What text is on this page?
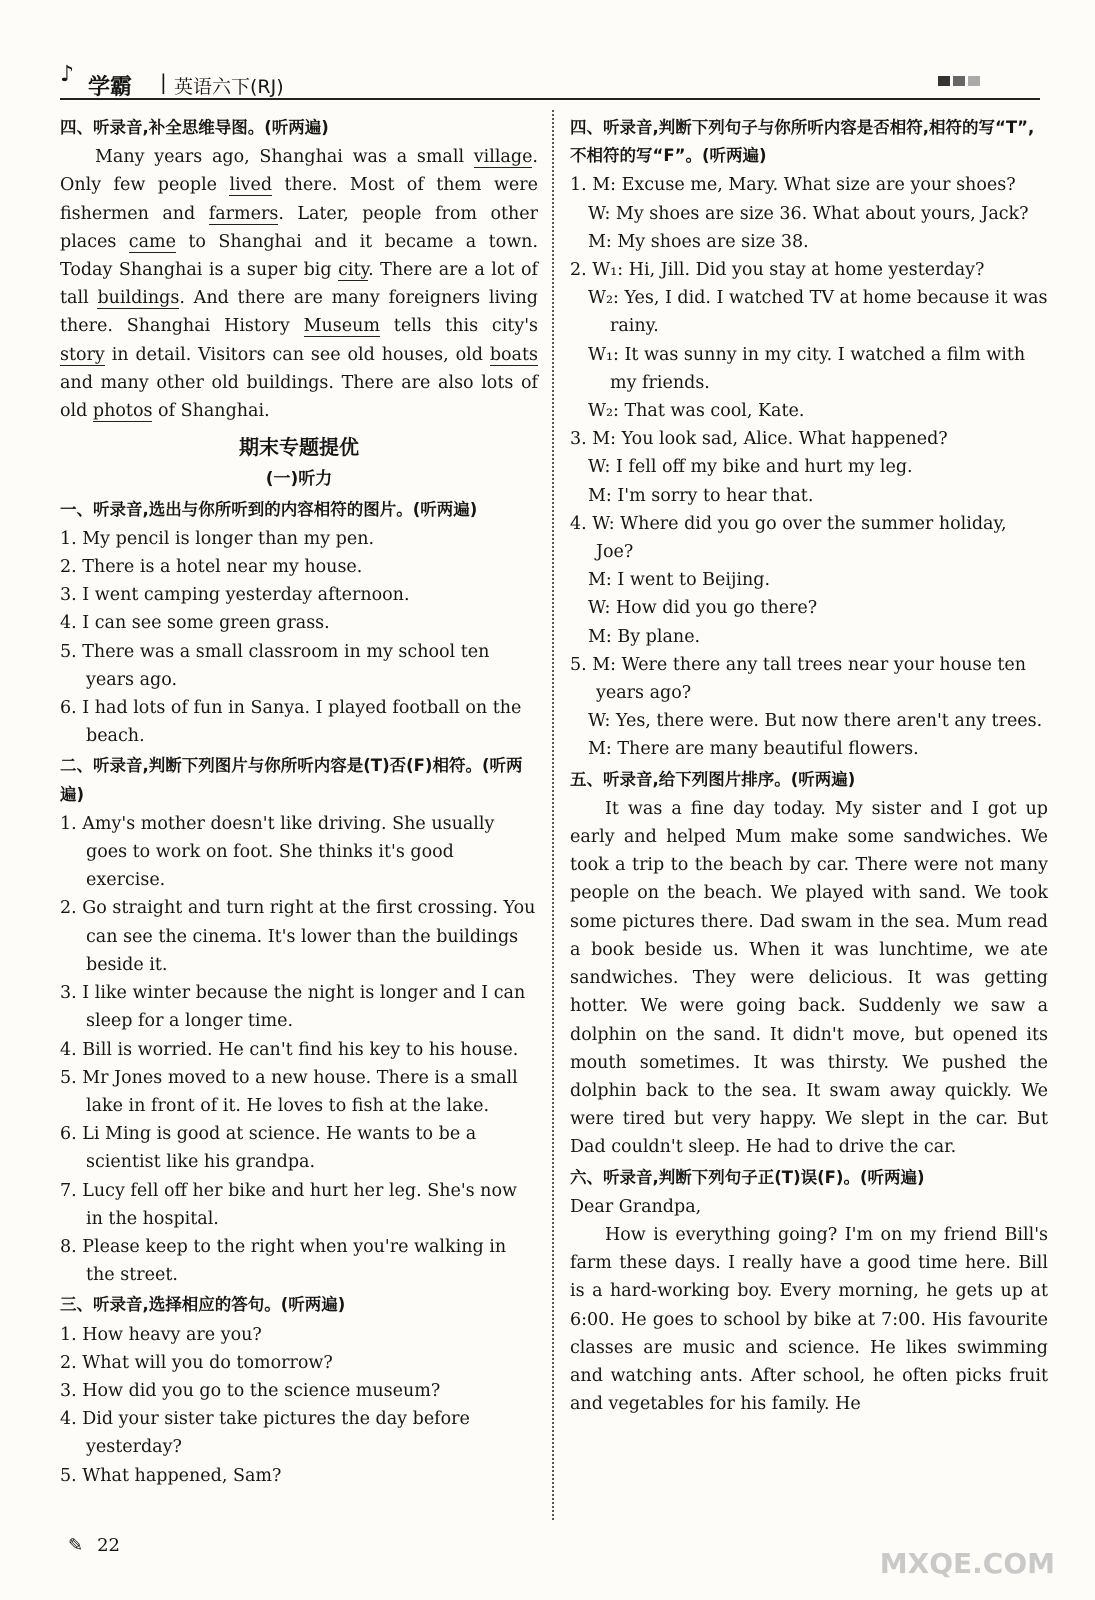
♪
学霸 | 英语六下(RJ)
四、听录音,补全思维导图。(听两遍)
Many years ago, Shanghai was a small village. Only few people lived there. Most of them were fishermen and farmers. Later, people from other places came to Shanghai and it became a town. Today Shanghai is a super big city. There are a lot of tall buildings. And there are many foreigners living there. Shanghai History Museum tells this city's story in detail. Visitors can see old houses, old boats and many other old buildings. There are also lots of old photos of Shanghai.
期末专题提优
(一)听力
一、听录音,选出与你所听到的内容相符的图片。(听两遍)
1. My pencil is longer than my pen.
2. There is a hotel near my house.
3. I went camping yesterday afternoon.
4. I can see some green grass.
5. There was a small classroom in my school ten years ago.
6. I had lots of fun in Sanya. I played football on the beach.
二、听录音,判断下列图片与你所听内容是(T)否(F)相符。(听两遍)
1. Amy's mother doesn't like driving. She usually goes to work on foot. She thinks it's good exercise.
2. Go straight and turn right at the first crossing. You can see the cinema. It's lower than the buildings beside it.
3. I like winter because the night is longer and I can sleep for a longer time.
4. Bill is worried. He can't find his key to his house.
5. Mr Jones moved to a new house. There is a small lake in front of it. He loves to fish at the lake.
6. Li Ming is good at science. He wants to be a scientist like his grandpa.
7. Lucy fell off her bike and hurt her leg. She's now in the hospital.
8. Please keep to the right when you're walking in the street.
三、听录音,选择相应的答句。(听两遍)
1. How heavy are you?
2. What will you do tomorrow?
3. How did you go to the science museum?
4. Did your sister take pictures the day before yesterday?
5. What happened, Sam?
四、听录音,判断下列句子与你所听内容是否相符,相符的写“T”,不相符的写“F”。(听两遍)
1. M: Excuse me, Mary. What size are your shoes?
W: My shoes are size 36. What about yours, Jack?
M: My shoes are size 38.
2. W₁: Hi, Jill. Did you stay at home yesterday?
W₂: Yes, I did. I watched TV at home because it was rainy.
W₁: It was sunny in my city. I watched a film with my friends.
W₂: That was cool, Kate.
3. M: You look sad, Alice. What happened?
W: I fell off my bike and hurt my leg.
M: I'm sorry to hear that.
4. W: Where did you go over the summer holiday, Joe?
M: I went to Beijing.
W: How did you go there?
M: By plane.
5. M: Were there any tall trees near your house ten years ago?
W: Yes, there were. But now there aren't any trees.
M: There are many beautiful flowers.
五、听录音,给下列图片排序。(听两遍)
It was a fine day today. My sister and I got up early and helped Mum make some sandwiches. We took a trip to the beach by car. There were not many people on the beach. We played with sand. We took some pictures there. Dad swam in the sea. Mum read a book beside us. When it was lunchtime, we ate sandwiches. They were delicious. It was getting hotter. We were going back. Suddenly we saw a dolphin on the sand. It didn't move, but opened its mouth sometimes. It was thirsty. We pushed the dolphin back to the sea. It swam away quickly. We were tired but very happy. We slept in the car. But Dad couldn't sleep. He had to drive the car.
六、听录音,判断下列句子正(T)误(F)。(听两遍)
Dear Grandpa,
How is everything going? I'm on my friend Bill's farm these days. I really have a good time here. Bill is a hard-working boy. Every morning, he gets up at 6:00. He goes to school by bike at 7:00. His favourite classes are music and science. He likes swimming and watching ants. After school, he often picks fruit and vegetables for his family. He
✎ 22
MXQE.COM
